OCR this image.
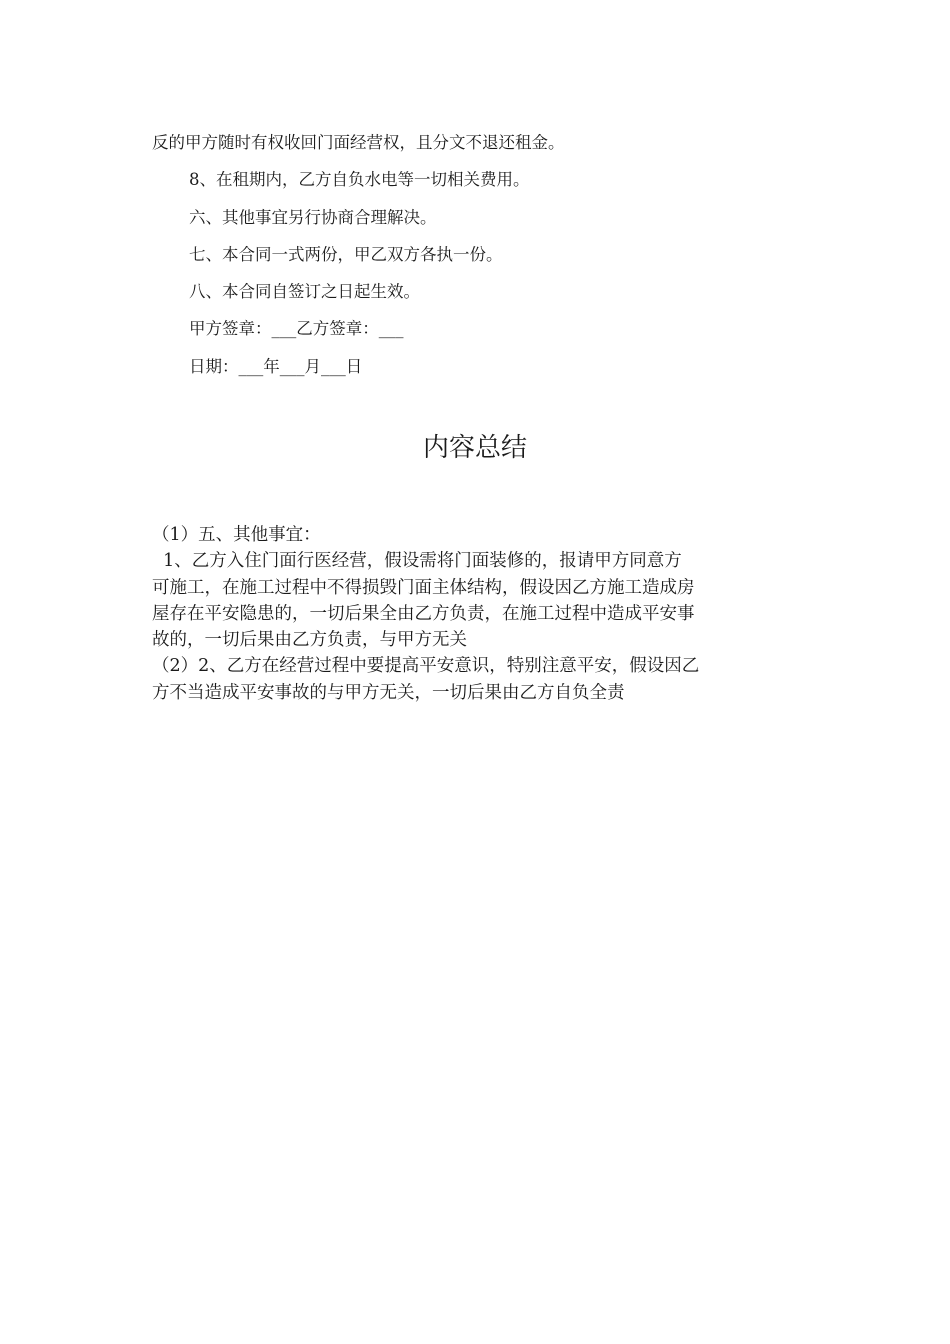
反的甲方随时有权收回门面经营权，且分文不退还租金。

8、在租期内，乙方自负水电等一切相关费用。

六、其他事宜另行协商合理解决。

七、本合同一式两份，甲乙双方各执一份。

八、本合同自签订之日起生效。

甲方签章：___乙方签章：___

日期：___年___月___日

内容总结

（1）五、其他事宜：

1、乙方入住门面行医经营，假设需将门面装修的，报请甲方同意方

可施工，在施工过程中不得损毁门面主体结构，假设因乙方施工造成房

屋存在平安隐患的，一切后果全由乙方负责，在施工过程中造成平安事

故的，一切后果由乙方负责，与甲方无关

（2）2、乙方在经营过程中要提高平安意识，特别注意平安，假设因乙

方不当造成平安事故的与甲方无关，一切后果由乙方自负全责
